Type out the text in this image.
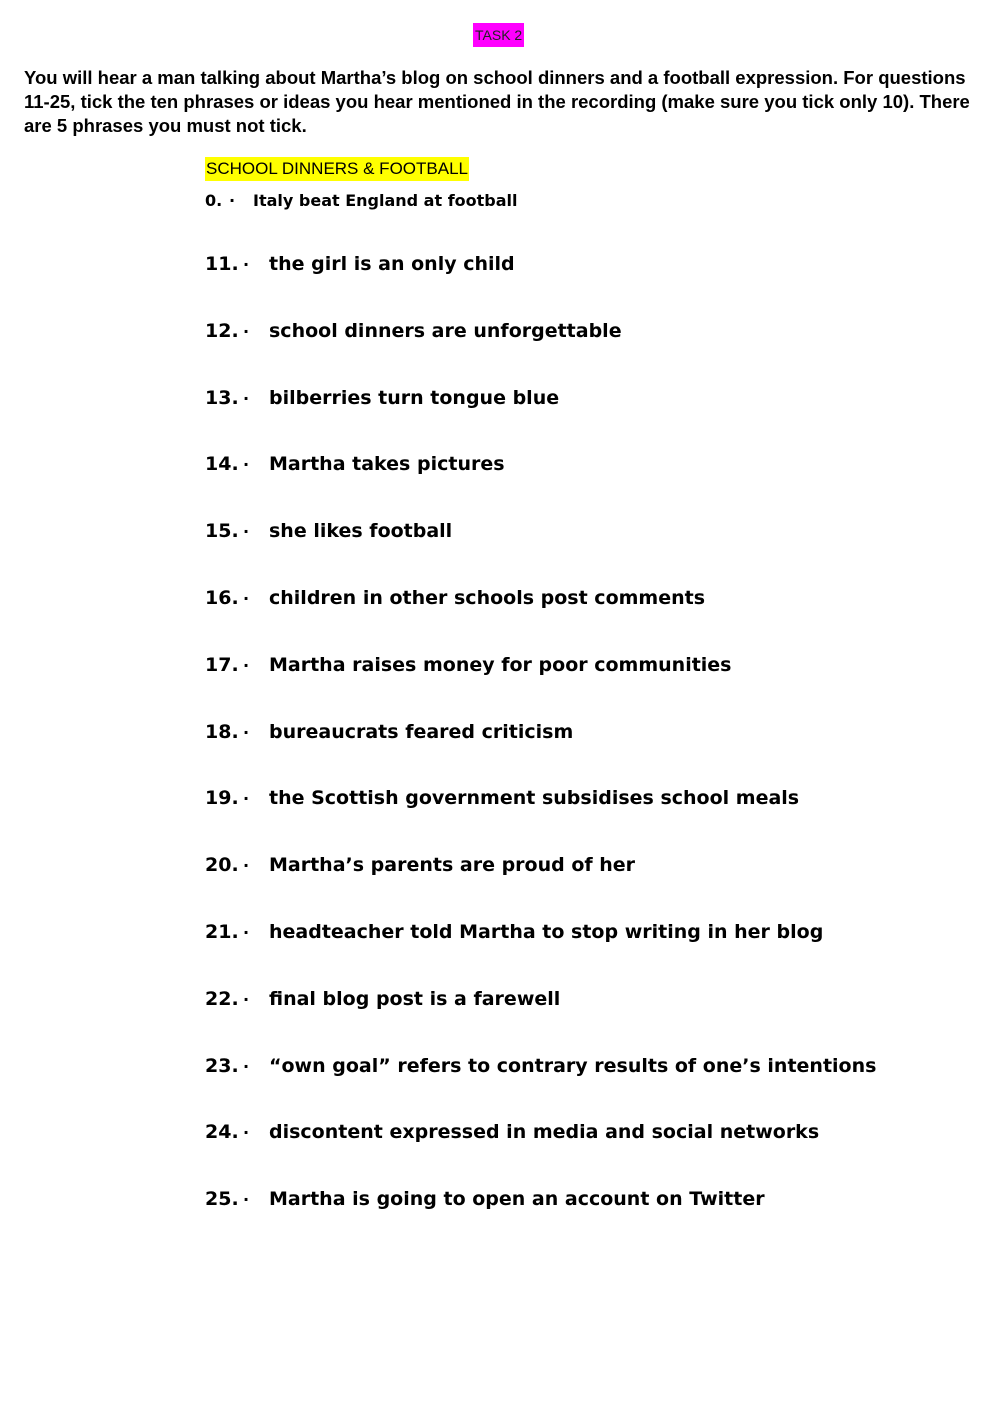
TASK 2

You will hear a man talking about Martha’s blog on school dinners and a football expression. For questions 11-25, tick the ten phrases or ideas you hear mentioned in the recording (make sure you tick only 10). There are 5 phrases you must not tick.

SCHOOL DINNERS & FOOTBALL
0. · Italy beat England at football
11. · the girl is an only child
12. · school dinners are unforgettable
13. · bilberries turn tongue blue
14. · Martha takes pictures
15. · she likes football
16. · children in other schools post comments
17. · Martha raises money for poor communities
18. · bureaucrats feared criticism
19. · the Scottish government subsidises school meals
20. · Martha’s parents are proud of her
21. · headteacher told Martha to stop writing in her blog
22. · final blog post is a farewell
23. · “own goal” refers to contrary results of one’s intentions
24. · discontent expressed in media and social networks
25. · Martha is going to open an account on Twitter
